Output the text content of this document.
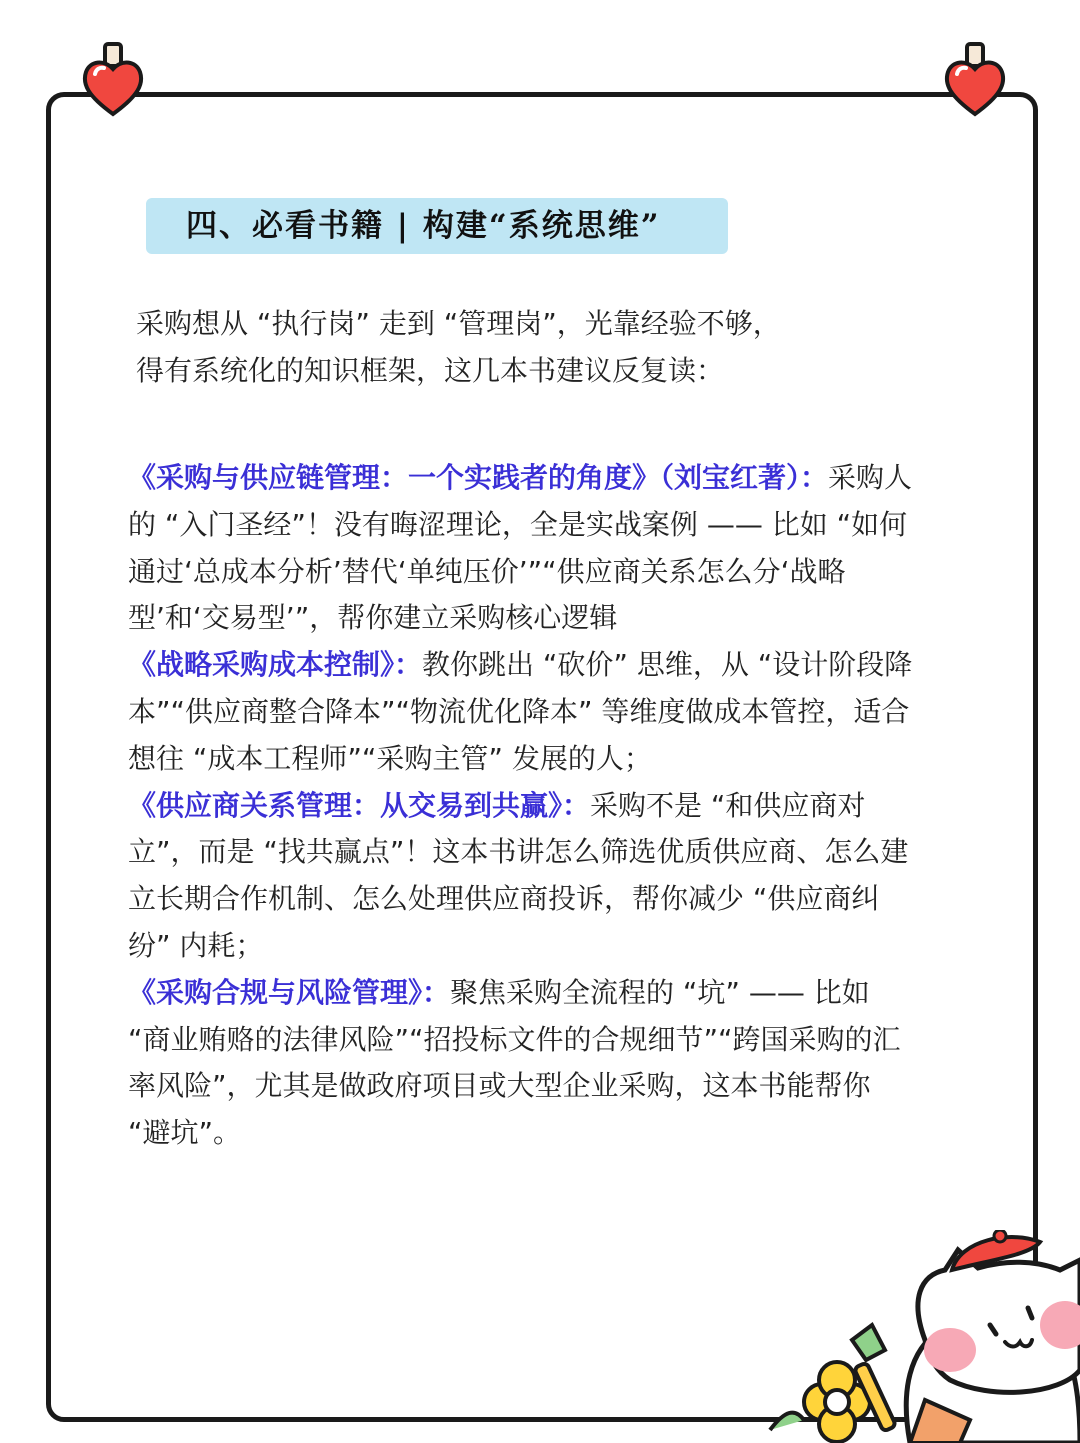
四、必看书籍 | 构建“系统思维”

采购想从 “执行岗” 走到 “管理岗”，光靠经验不够，

得有系统化的知识框架，这几本书建议反复读：

《采购与供应链管理：一个实践者的角度》（刘宝红著）：采购人的 “入门圣经”！没有晦涩理论，全是实战案例 —— 比如 “如何通过‘总成本分析’替代‘单纯压价’”“供应商关系怎么分‘战略型’和‘交易型’”，帮你建立采购核心逻辑

《战略采购成本控制》：教你跳出 “砍价” 思维，从 “设计阶段降本”“供应商整合降本”“物流优化降本” 等维度做成本管控，适合想往 “成本工程师”“采购主管” 发展的人；

《供应商关系管理：从交易到共赢》：采购不是 “和供应商对立”，而是 “找共赢点”！这本书讲怎么筛选优质供应商、怎么建立长期合作机制、怎么处理供应商投诉，帮你减少 “供应商纠纷” 内耗；

《采购合规与风险管理》：聚焦采购全流程的 “坑” —— 比如 “商业贿赂的法律风险”“招投标文件的合规细节”“跨国采购的汇率风险”，尤其是做政府项目或大型企业采购，这本书能帮你 “避坑”。
